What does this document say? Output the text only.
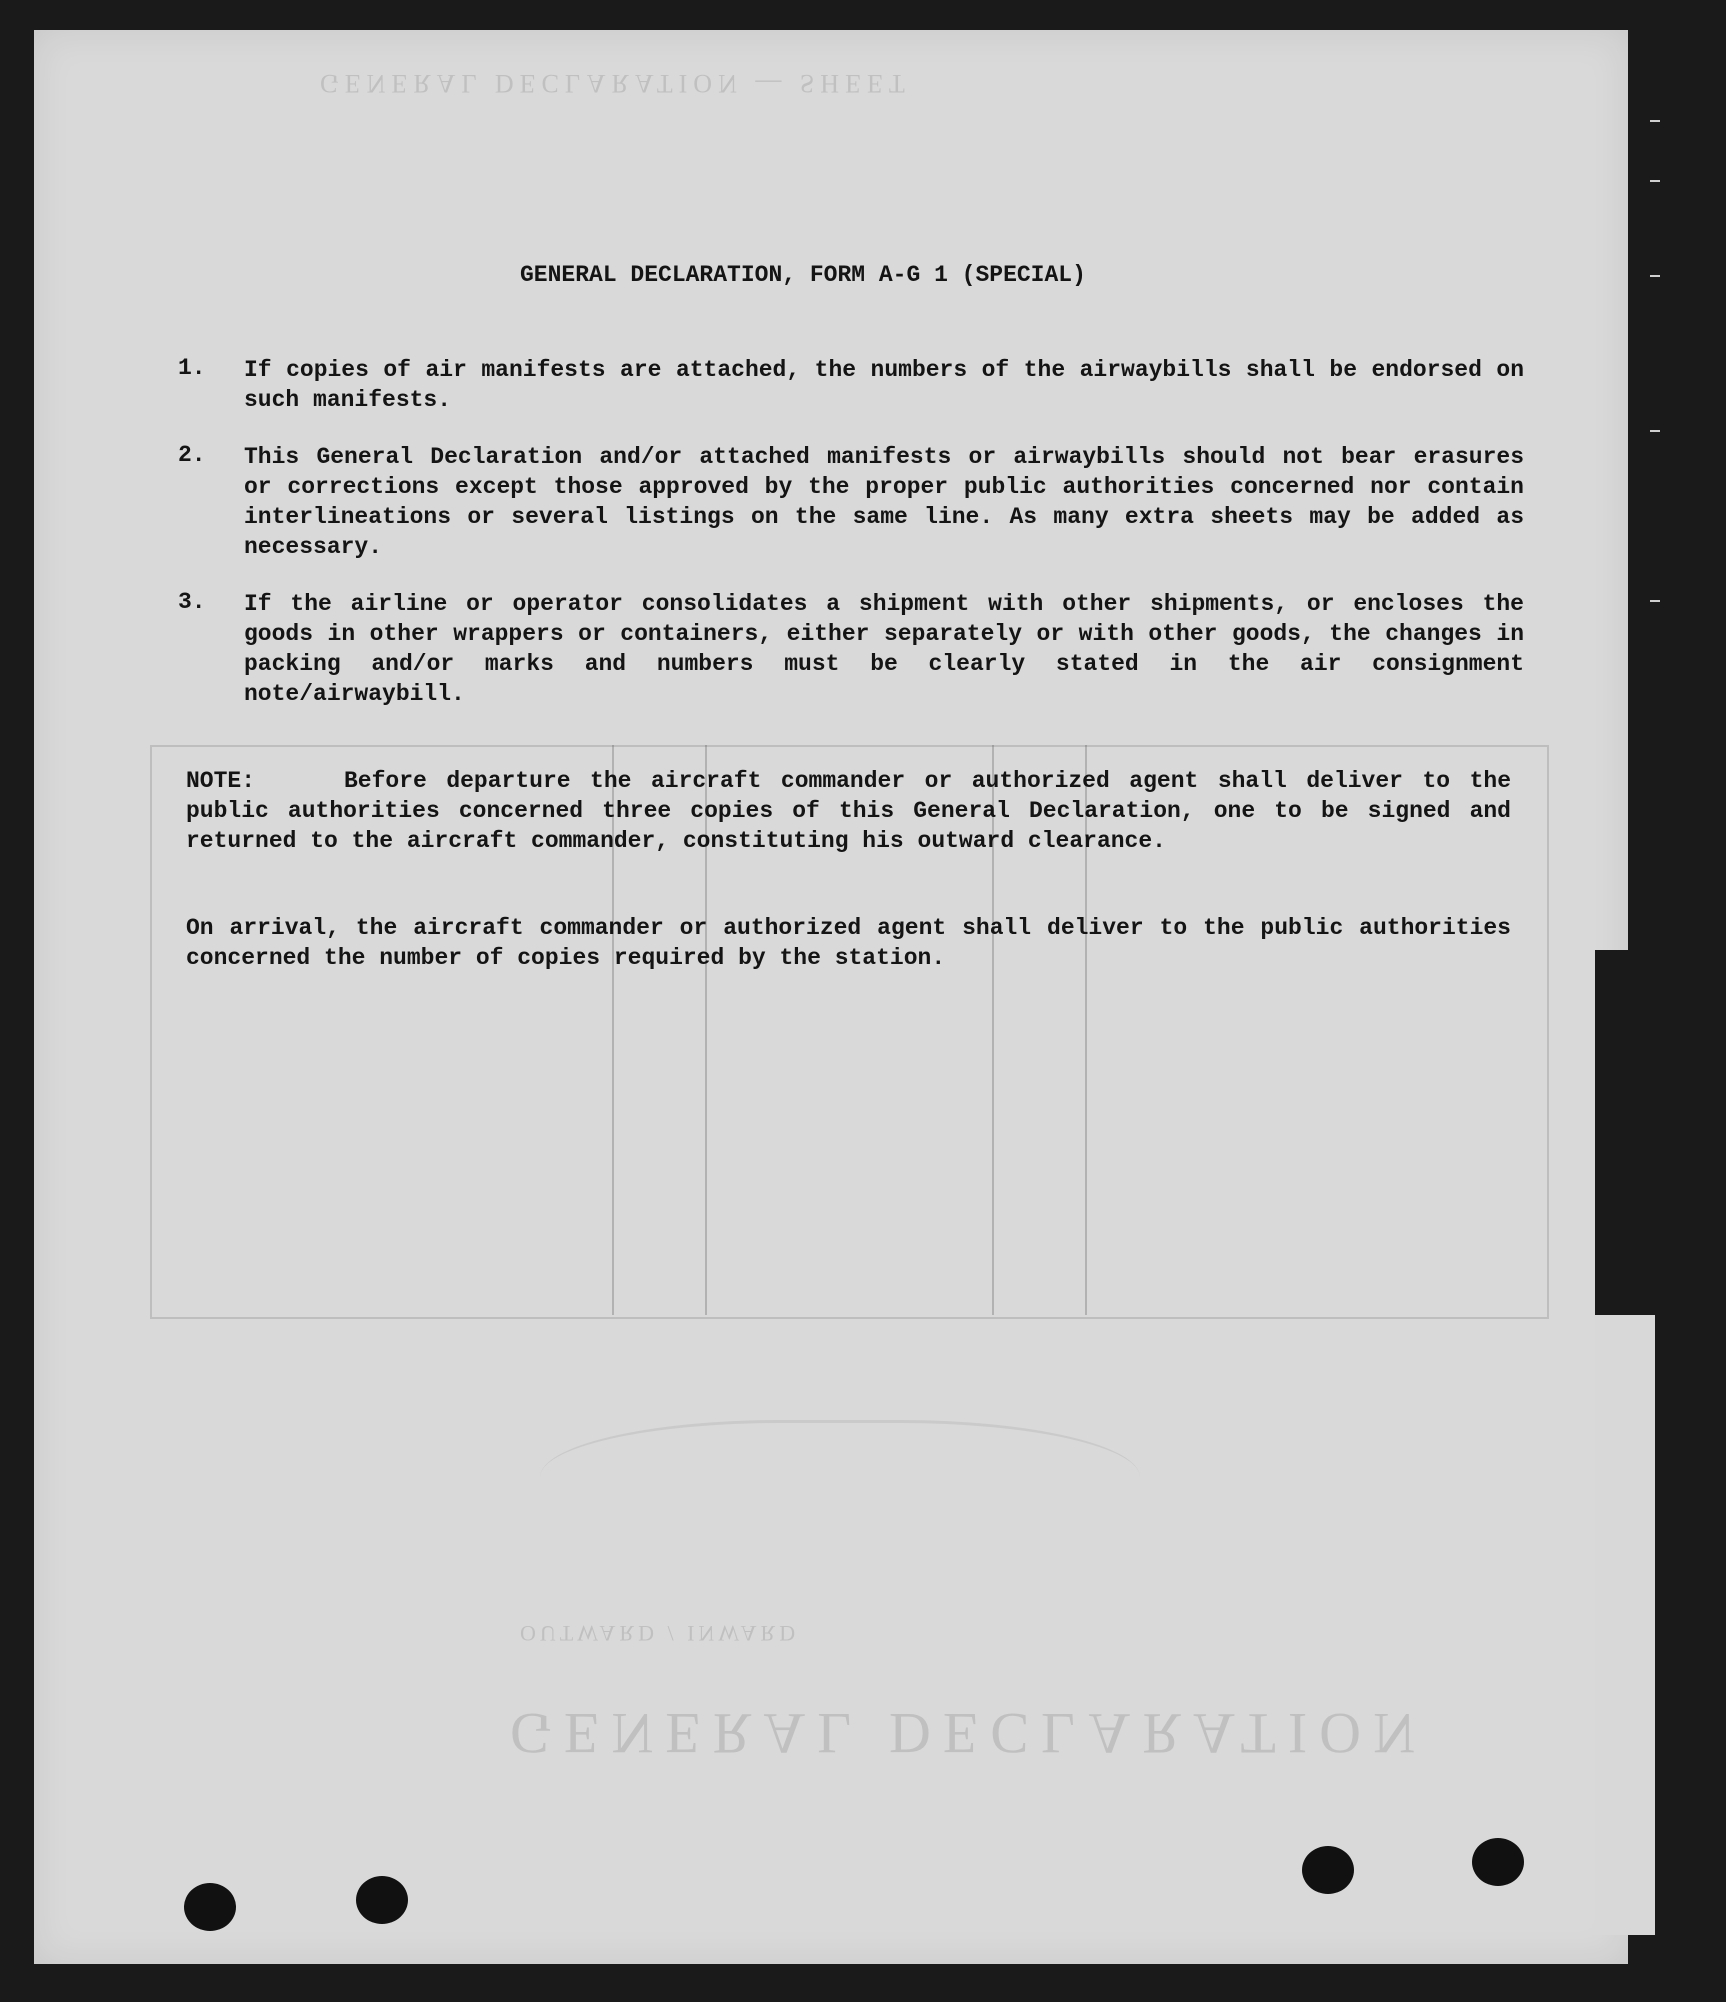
GENERAL DECLARATION — SHEET
OUTWARD / INWARD
GENERAL DECLARATION
GENERAL DECLARATION, FORM A-G 1 (SPECIAL)
1.	If copies of air manifests are attached, the numbers of the airwaybills shall be endorsed on such manifests.
2.	This General Declaration and/or attached manifests or airwaybills should not bear erasures or corrections except those approved by the proper public authorities concerned nor contain interlineations or several listings on the same line. As many extra sheets may be added as necessary.
3.	If the airline or operator consolidates a shipment with other shipments, or encloses the goods in other wrappers or containers, either separately or with other goods, the changes in packing and/or marks and numbers must be clearly stated in the air consignment note/airwaybill.
NOTE:	Before departure the aircraft commander or authorized agent shall deliver to the public authorities concerned three copies of this General Declaration, one to be signed and returned to the aircraft commander, constituting his outward clearance.
On arrival, the aircraft commander or authorized agent shall deliver to the public authorities concerned the number of copies required by the station.
